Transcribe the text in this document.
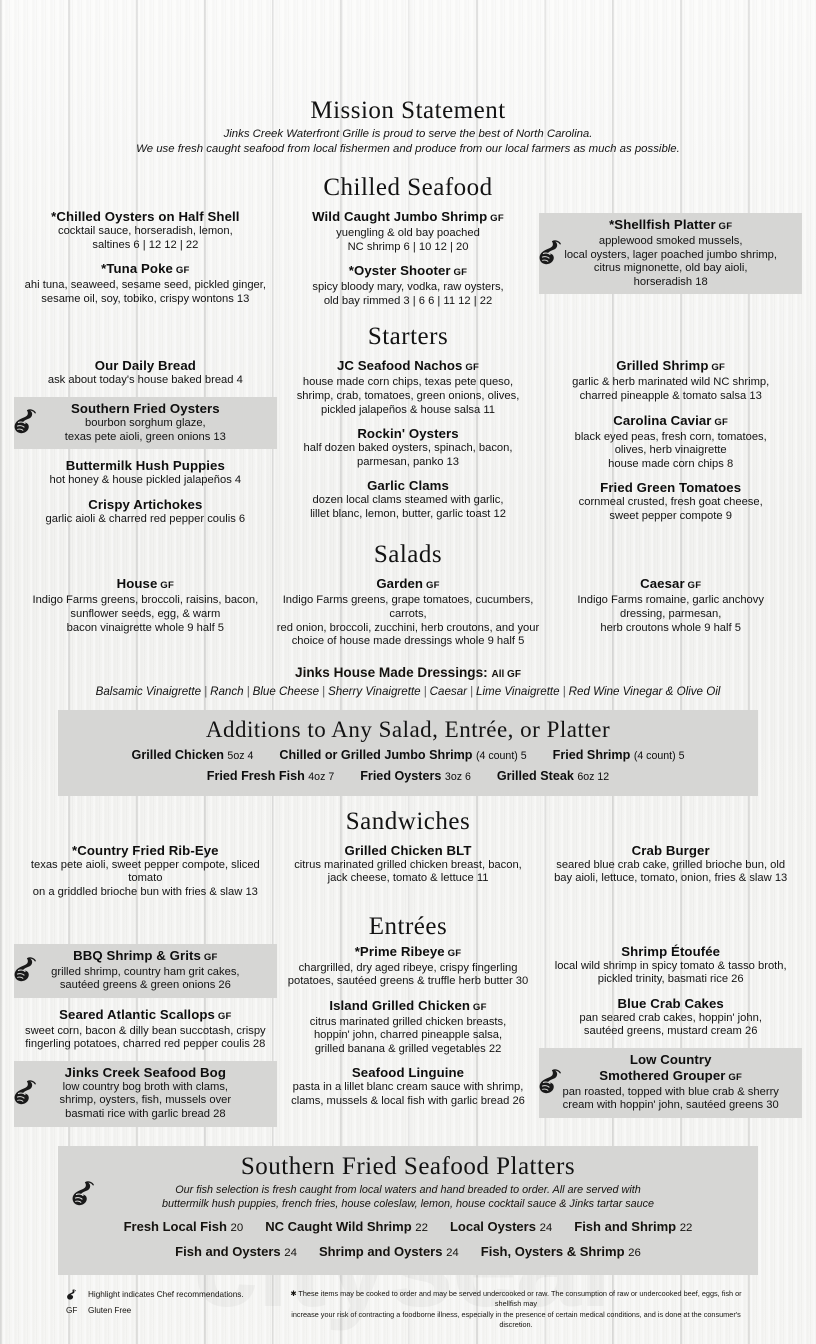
Mission Statement
Jinks Creek Waterfront Grille is proud to serve the best of North Carolina.
We use fresh caught seafood from local fishermen and produce from our local farmers as much as possible.
Chilled Seafood
*Chilled Oysters on Half Shell
cocktail sauce, horseradish, lemon,
saltines 6 | 12 12 | 22
*Tuna Poke GF
ahi tuna, seaweed, sesame seed, pickled ginger,
sesame oil, soy, tobiko, crispy wontons 13
Wild Caught Jumbo Shrimp GF
yuengling & old bay poached
NC shrimp 6 | 10 12 | 20
*Oyster Shooter GF
spicy bloody mary, vodka, raw oysters,
old bay rimmed 3 | 6 6 | 11 12 | 22
*Shellfish Platter GF
applewood smoked mussels,
local oysters, lager poached jumbo shrimp,
citrus mignonette, old bay aioli,
horseradish 18
Starters
Our Daily Bread
ask about today's house baked bread 4
Southern Fried Oysters
bourbon sorghum glaze,
texas pete aioli, green onions 13
Buttermilk Hush Puppies
hot honey & house pickled jalapeños 4
Crispy Artichokes
garlic aioli & charred red pepper coulis 6
JC Seafood Nachos GF
house made corn chips, texas pete queso,
shrimp, crab, tomatoes, green onions, olives,
pickled jalapeños & house salsa 11
Rockin' Oysters
half dozen baked oysters, spinach, bacon,
parmesan, panko 13
Garlic Clams
dozen local clams steamed with garlic,
lillet blanc, lemon, butter, garlic toast 12
Grilled Shrimp GF
garlic & herb marinated wild NC shrimp,
charred pineapple & tomato salsa 13
Carolina Caviar GF
black eyed peas, fresh corn, tomatoes,
olives, herb vinaigrette
house made corn chips 8
Fried Green Tomatoes
cornmeal crusted, fresh goat cheese,
sweet pepper compote 9
Salads
House GF
Indigo Farms greens, broccoli, raisins, bacon,
sunflower seeds, egg, & warm
bacon vinaigrette whole 9 half 5
Garden GF
Indigo Farms greens, grape tomatoes, cucumbers, carrots,
red onion, broccoli, zucchini, herb croutons, and your
choice of house made dressings whole 9 half 5
Caesar GF
Indigo Farms romaine, garlic anchovy
dressing, parmesan,
herb croutons whole 9 half 5
Jinks House Made Dressings: All GF
Balsamic Vinaigrette | Ranch | Blue Cheese | Sherry Vinaigrette | Caesar | Lime Vinaigrette | Red Wine Vinegar & Olive Oil
Additions to Any Salad, Entrée, or Platter
Grilled Chicken 5oz 4 Chilled or Grilled Jumbo Shrimp (4 count) 5 Fried Shrimp (4 count) 5
Fried Fresh Fish 4oz 7 Fried Oysters 3oz 6 Grilled Steak 6oz 12
Sandwiches
*Country Fried Rib-Eye
texas pete aioli, sweet pepper compote, sliced tomato
on a griddled brioche bun with fries & slaw 13
Grilled Chicken BLT
citrus marinated grilled chicken breast, bacon,
jack cheese, tomato & lettuce 11
Crab Burger
seared blue crab cake, grilled brioche bun, old
bay aioli, lettuce, tomato, onion, fries & slaw 13
Entrées
BBQ Shrimp & Grits GF
grilled shrimp, country ham grit cakes,
sautéed greens & green onions 26
Seared Atlantic Scallops GF
sweet corn, bacon & dilly bean succotash, crispy
fingerling potatoes, charred red pepper coulis 28
Jinks Creek Seafood Bog
low country bog broth with clams,
shrimp, oysters, fish, mussels over
basmati rice with garlic bread 28
*Prime Ribeye GF
chargrilled, dry aged ribeye, crispy fingerling
potatoes, sautéed greens & truffle herb butter 30
Island Grilled Chicken GF
citrus marinated grilled chicken breasts,
hoppin' john, charred pineapple salsa,
grilled banana & grilled vegetables 22
Seafood Linguine
pasta in a lillet blanc cream sauce with shrimp,
clams, mussels & local fish with garlic bread 26
Shrimp Étoufée
local wild shrimp in spicy tomato & tasso broth,
pickled trinity, basmati rice 26
Blue Crab Cakes
pan seared crab cakes, hoppin' john,
sautéed greens, mustard cream 26
Low Country
Smothered Grouper GF
pan roasted, topped with blue crab & sherry
cream with hoppin' john, sautéed greens 30
Southern Fried Seafood Platters
Our fish selection is fresh caught from local waters and hand breaded to order. All are served with
buttermilk hush puppies, french fries, house coleslaw, lemon, house cocktail sauce & Jinks tartar sauce
Fresh Local Fish 20 NC Caught Wild Shrimp 22 Local Oysters 24 Fish and Shrimp 22
Fish and Oysters 24 Shrimp and Oysters 24 Fish, Oysters & Shrimp 26
Highlight indicates Chef recommendations.
GF	Gluten Free
✱ These items may be cooked to order and may be served undercooked or raw. The consumption of raw or undercooked beef, eggs, fish or shellfish may
increase your risk of contracting a foodborne illness, especially in the presence of certain medical conditions, and is done at the consumer's discretion.
